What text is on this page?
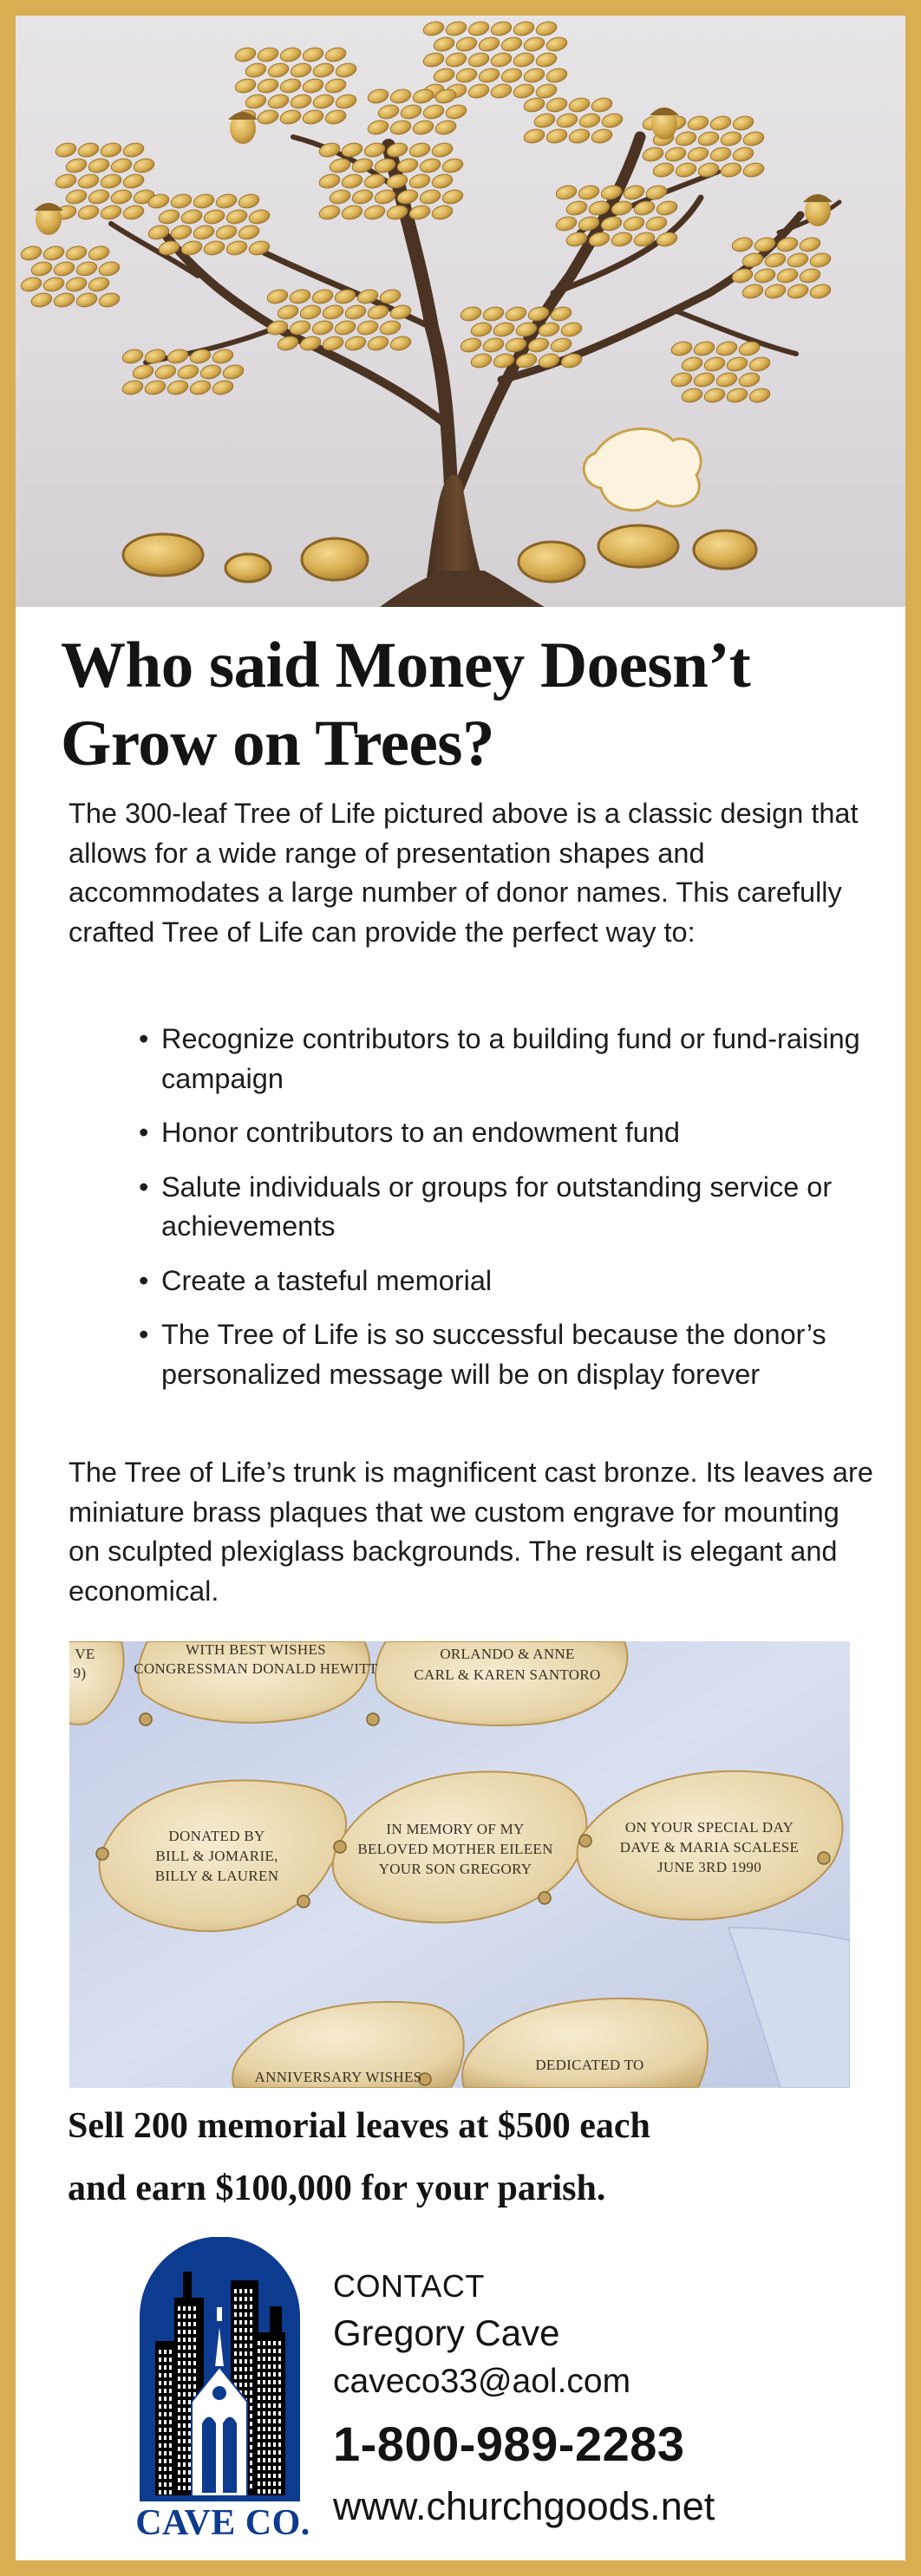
Who said Money Doesn’t
Grow on Trees?
The 300-leaf Tree of Life pictured above is a classic design that allows for a wide range of presentation shapes and accommodates a large number of donor names. This carefully crafted Tree of Life can provide the perfect way to:
• Recognize contributors to a building fund or fund-raising campaign
• Honor contributors to an endowment fund
• Salute individuals or groups for outstanding service or achievements
• Create a tasteful memorial
• The Tree of Life is so successful because the donor’s personalized message will be on display forever
The Tree of Life’s trunk is magnificent cast bronze. Its leaves are miniature brass plaques that we custom engrave for mounting on sculpted plexiglass backgrounds. The result is elegant and economical.
VE
9)
WITH BEST WISHES
CONGRESSMAN DONALD HEWITT
ORLANDO & ANNE
CARL & KAREN SANTORO
DONATED BY
BILL & JOMARIE,
BILLY & LAUREN
IN MEMORY OF MY
BELOVED MOTHER EILEEN
YOUR SON GREGORY
ON YOUR SPECIAL DAY
DAVE & MARIA SCALESE
JUNE 3RD 1990
ANNIVERSARY WISHES
DEDICATED TO
Sell 200 memorial leaves at $500 each
and earn $100,000 for your parish.
CAVE CO.
CONTACT
Gregory Cave
caveco33@aol.com
1-800-989-2283
www.churchgoods.net
